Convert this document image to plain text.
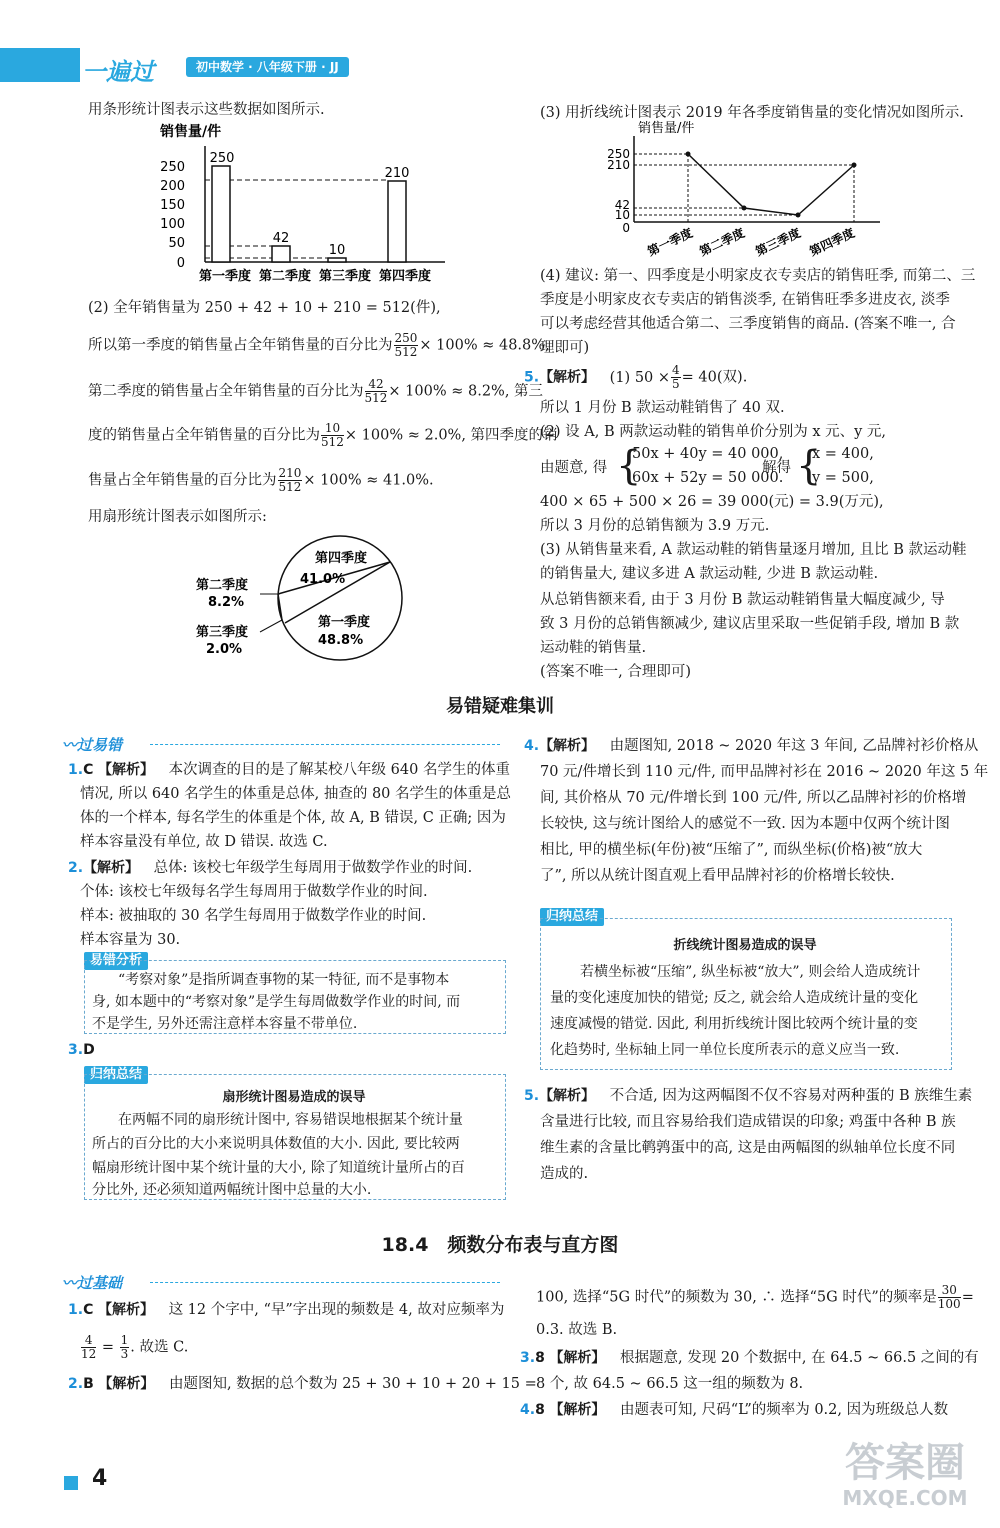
一遍过	初中数学 · 八年级下册 · JJ
用条形统计图表示这些数据如图所示.
销售量/件
250
200
150
100
50
0
250
42
10
210
第一季度 第二季度 第三季度 第四季度
(2) 全年销售量为 250 + 42 + 10 + 210 = 512(件),
所以第一季度的销售量占全年销售量的百分比为 $\frac{250}{512} \times 100\% \approx 48.8\%$,
第二季度的销售量占全年销售量的百分比为 $\frac{42}{512} \times 100\% \approx 8.2\%$, 第三
度的销售量占全年销售量的百分比为 $\frac{10}{512} \times 100\% \approx 2.0\%$, 第四季度的销
售量占全年销售量的百分比为 $\frac{210}{512} \times 100\% \approx 41.0\%$.
用扇形统计图表示如图所示:
第四季度
41.0%
第二季度
8.2%
第三季度
2.0%
第一季度
48.8%
(3) 用折线统计图表示 2019 年各季度销售量的变化情况如图所示.
销售量/件
250
210
42
10
0 第一季度 第二季度 第三季度 第四季度
(4) 建议: 第一、四季度是小明家皮衣专卖店的销售旺季, 而第二、三
季度是小明家皮衣专卖店的销售淡季, 在销售旺季多进皮衣, 淡季
可以考虑经营其他适合第二、三季度销售的商品. (答案不唯一, 合
理即可)
5.【解析】 (1) $50 \times \frac{4}{5} = 40$(双).
所以 1 月份 B 款运动鞋销售了 40 双.
(2) 设 A, B 两款运动鞋的销售单价分别为 x 元、y 元,
由题意, 得 {
50x + 40y = 40 000,
60x + 52y = 50 000.
解得 {
x = 400,
y = 500,
400 × 65 + 500 × 26 = 39 000(元) = 3.9(万元),
所以 3 月份的总销售额为 3.9 万元.
(3) 从销售量来看, A 款运动鞋的销售量逐月增加, 且比 B 款运动鞋
的销售量大, 建议多进 A 款运动鞋, 少进 B 款运动鞋.
从总销售额来看, 由于 3 月份 B 款运动鞋销售量大幅度减少, 导
致 3 月份的总销售额减少, 建议店里采取一些促销手段, 增加 B 款
运动鞋的销售量.
(答案不唯一, 合理即可)
易错疑难集训
〰过易错
1.C 【解析】 本次调查的目的是了解某校八年级 640 名学生的体重
情况, 所以 640 名学生的体重是总体, 抽查的 80 名学生的体重是总
体的一个样本, 每名学生的体重是个体, 故 A, B 错误, C 正确; 因为
样本容量没有单位, 故 D 错误. 故选 C.
2.【解析】 总体: 该校七年级学生每周用于做数学作业的时间.
个体: 该校七年级每名学生每周用于做数学作业的时间.
样本: 被抽取的 30 名学生每周用于做数学作业的时间.
样本容量为 30.
易错分析
“考察对象”是指所调查事物的某一特征, 而不是事物本
身, 如本题中的“考察对象”是学生每周做数学作业的时间, 而
不是学生, 另外还需注意样本容量不带单位.
3.D
归纳总结
扇形统计图易造成的误导
在两幅不同的扇形统计图中, 容易错误地根据某个统计量
所占的百分比的大小来说明具体数值的大小. 因此, 要比较两
幅扇形统计图中某个统计量的大小, 除了知道统计量所占的百
分比外, 还必须知道两幅统计图中总量的大小.
4.【解析】 由题图知, 2018 ~ 2020 年这 3 年间, 乙品牌衬衫价格从
70 元/件增长到 110 元/件, 而甲品牌衬衫在 2016 ~ 2020 年这 5 年
间, 其价格从 70 元/件增长到 100 元/件, 所以乙品牌衬衫的价格增
长较快, 这与统计图给人的感觉不一致. 因为本题中仅两个统计图
相比, 甲的横坐标(年份)被“压缩了”, 而纵坐标(价格)被“放大
了”, 所以从统计图直观上看甲品牌衬衫的价格增长较快.
归纳总结
折线统计图易造成的误导
若横坐标被“压缩”, 纵坐标被“放大”, 则会给人造成统计
量的变化速度加快的错觉; 反之, 就会给人造成统计量的变化
速度减慢的错觉. 因此, 利用折线统计图比较两个统计量的变
化趋势时, 坐标轴上同一单位长度所表示的意义应当一致.
5.【解析】 不合适, 因为这两幅图不仅不容易对两种蛋的 B 族维生素
含量进行比较, 而且容易给我们造成错误的印象; 鸡蛋中各种 B 族
维生素的含量比鹌鹑蛋中的高, 这是由两幅图的纵轴单位长度不同
造成的.
18.4　频数分布表与直方图
〰过基础
1.C 【解析】 这 12 个字中, “早”字出现的频数是 4, 故对应频率为
$\frac{4}{12} = \frac{1}{3}$ . 故选 C.
2.B 【解析】 由题图知, 数据的总个数为 25 + 30 + 10 + 20 + 15 =
100, 选择“5G 时代”的频数为 30, ∴ 选择“5G 时代”的频率是 $\frac{30}{100}$ =
0.3. 故选 B.
3.8 【解析】 根据题意, 发现 20 个数据中, 在 64.5 ~ 66.5 之间的有
8 个, 故 64.5 ~ 66.5 这一组的频数为 8.
4.8 【解析】 由题表可知, 尺码“L”的频率为 0.2, 因为班级总人数
4	答案圈
MXQE.COM
